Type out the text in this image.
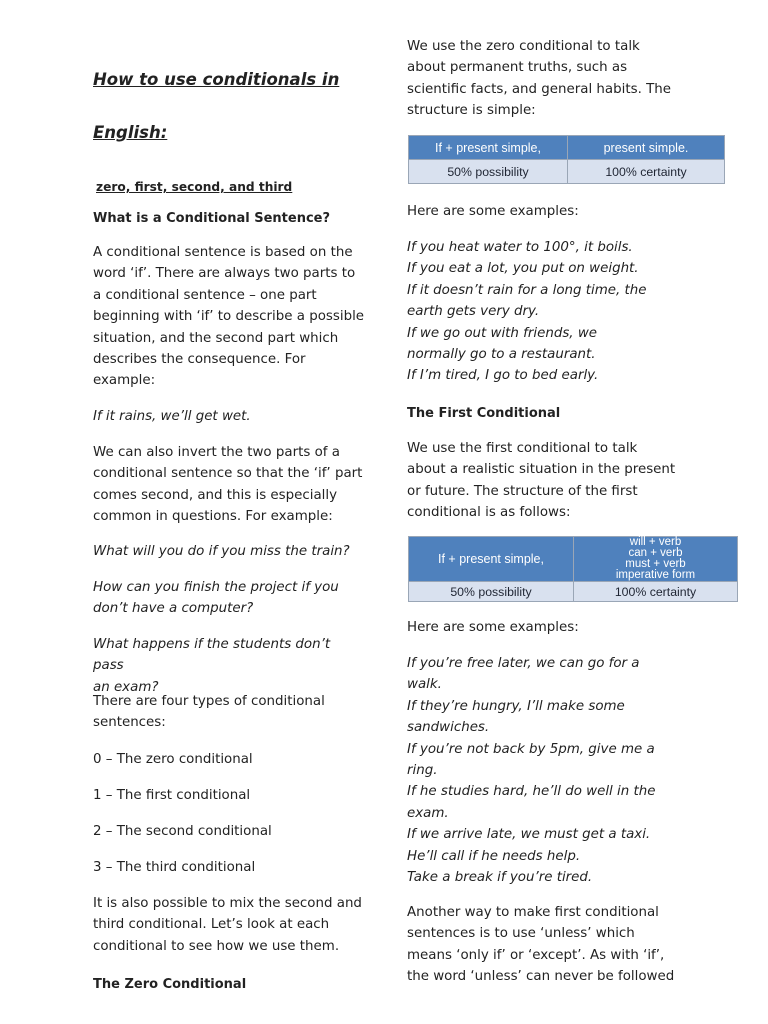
How to use conditionals in
English:
zero, first, second, and third
What is a Conditional Sentence?
A conditional sentence is based on the
word ‘if’. There are always two parts to
a conditional sentence – one part
beginning with ‘if’ to describe a possible
situation, and the second part which
describes the consequence. For
example:
If it rains, we’ll get wet.
We can also invert the two parts of a
conditional sentence so that the ‘if’ part
comes second, and this is especially
common in questions. For example:
What will you do if you miss the train?
How can you finish the project if you
don’t have a computer?
What happens if the students don’t pass
an exam?
There are four types of conditional
sentences:
0 – The zero conditional
1 – The first conditional
2 – The second conditional
3 – The third conditional
It is also possible to mix the second and
third conditional. Let’s look at each
conditional to see how we use them.
The Zero Conditional
We use the zero conditional to talk
about permanent truths, such as
scientific facts, and general habits. The
structure is simple:
If + present simple,	present simple.
50% possibility	100% certainty
Here are some examples:
If you heat water to 100°, it boils.
If you eat a lot, you put on weight.
If it doesn’t rain for a long time, the
earth gets very dry.
If we go out with friends, we
normally go to a restaurant.
If I’m tired, I go to bed early.
The First Conditional
We use the first conditional to talk
about a realistic situation in the present
or future. The structure of the first
conditional is as follows:
If + present simple,	will + verb
can + verb
must + verb
imperative form

50% possibility	100% certainty
Here are some examples:
If you’re free later, we can go for a
walk.
If they’re hungry, I’ll make some
sandwiches.
If you’re not back by 5pm, give me a
ring.
If he studies hard, he’ll do well in the
exam.
If we arrive late, we must get a taxi.
He’ll call if he needs help.
Take a break if you’re tired.
Another way to make first conditional
sentences is to use ‘unless’ which
means ‘only if’ or ‘except’. As with ‘if’,
the word ‘unless’ can never be followed
